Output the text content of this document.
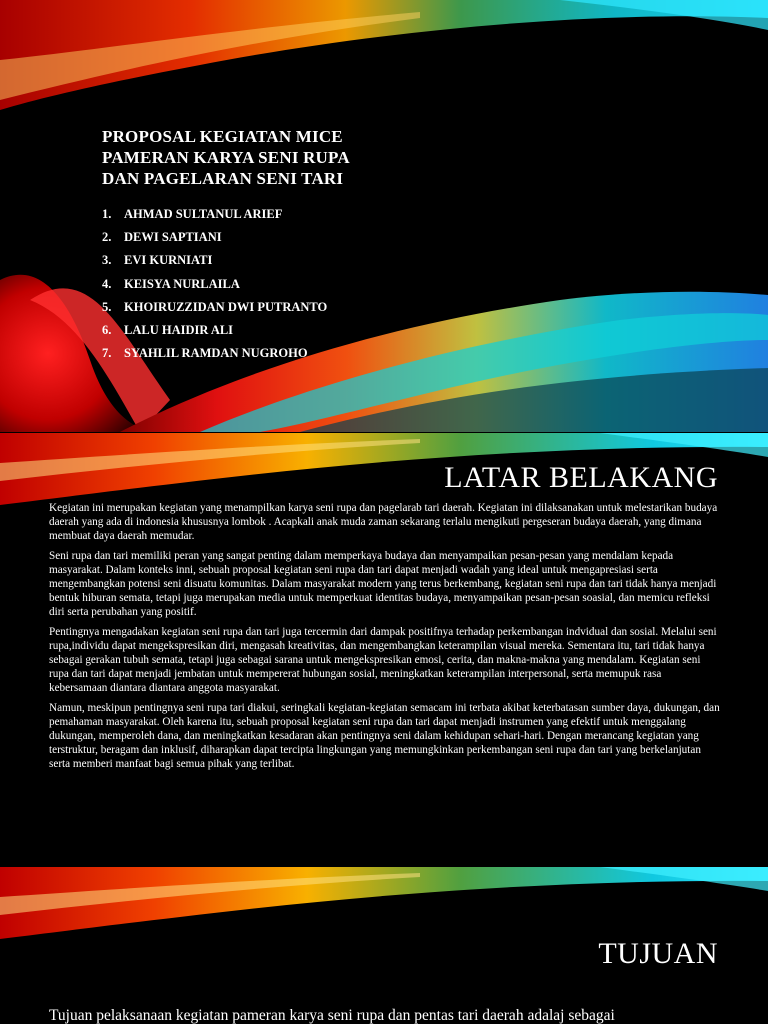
PROPOSAL KEGIATAN MICE
PAMERAN KARYA SENI RUPA
DAN PAGELARAN SENI TARI
1.	AHMAD SULTANUL ARIEF
2.	DEWI SAPTIANI
3.	EVI KURNIATI
4.	KEISYA NURLAILA
5.	KHOIRUZZIDAN DWI PUTRANTO
6.	LALU HAIDIR ALI
7.	SYAHLIL RAMDAN NUGROHO
LATAR BELAKANG

Kegiatan ini merupakan kegiatan yang menampilkan karya seni rupa dan pagelarab tari daerah. Kegiatan ini dilaksanakan untuk melestarikan budaya daerah yang ada di indonesia khususnya lombok . Acapkali anak muda zaman sekarang terlalu mengikuti pergeseran budaya daerah, yang dimana membuat daya daerah memudar.

Seni rupa dan tari memiliki peran yang sangat penting dalam memperkaya budaya dan menyampaikan pesan-pesan yang mendalam kepada masyarakat. Dalam konteks inni, sebuah proposal kegiatan seni rupa dan tari dapat menjadi wadah yang ideal untuk mengapresiasi serta mengembangkan potensi seni disuatu komunitas. Dalam masyarakat modern yang terus berkembang, kegiatan seni rupa dan tari tidak hanya menjadi bentuk hiburan semata, tetapi juga merupakan media untuk memperkuat identitas budaya, menyampaikan pesan-pesan soasial, dan memicu refleksi diri serta perubahan yang positif.

Pentingnya mengadakan kegiatan seni rupa dan tari juga tercermin dari dampak positifnya terhadap perkembangan indvidual dan sosial. Melalui seni rupa,individu dapat mengekspresikan diri, mengasah kreativitas, dan mengembangkan keterampilan visual mereka. Sementara itu, tari tidak hanya sebagai gerakan tubuh semata, tetapi juga sebagai sarana untuk mengekspresikan emosi, cerita, dan makna-makna yang mendalam. Kegiatan seni rupa dan tari dapat menjadi jembatan untuk mempererat hubungan sosial, meningkatkan keterampilan interpersonal, serta memupuk rasa kebersamaan diantara diantara anggota masyarakat.

Namun, meskipun pentingnya seni rupa tari diakui, seringkali kegiatan-kegiatan semacam ini terbata akibat keterbatasan sumber daya, dukungan, dan pemahaman masyarakat. Oleh karena itu, sebuah proposal kegiatan seni rupa dan tari dapat menjadi instrumen yang efektif untuk menggalang dukungan, memperoleh dana, dan meningkatkan kesadaran akan pentingnya seni dalam kehidupan sehari-hari. Dengan merancang kegiatan yang terstruktur, beragam dan inklusif, diharapkan dapat tercipta lingkungan yang memungkinkan perkembangan seni rupa dan tari yang berkelanjutan serta memberi manfaat bagi semua pihak yang terlibat.

TUJUAN
Tujuan pelaksanaan kegiatan pameran karya seni rupa dan pentas tari daerah adalaj sebagai
